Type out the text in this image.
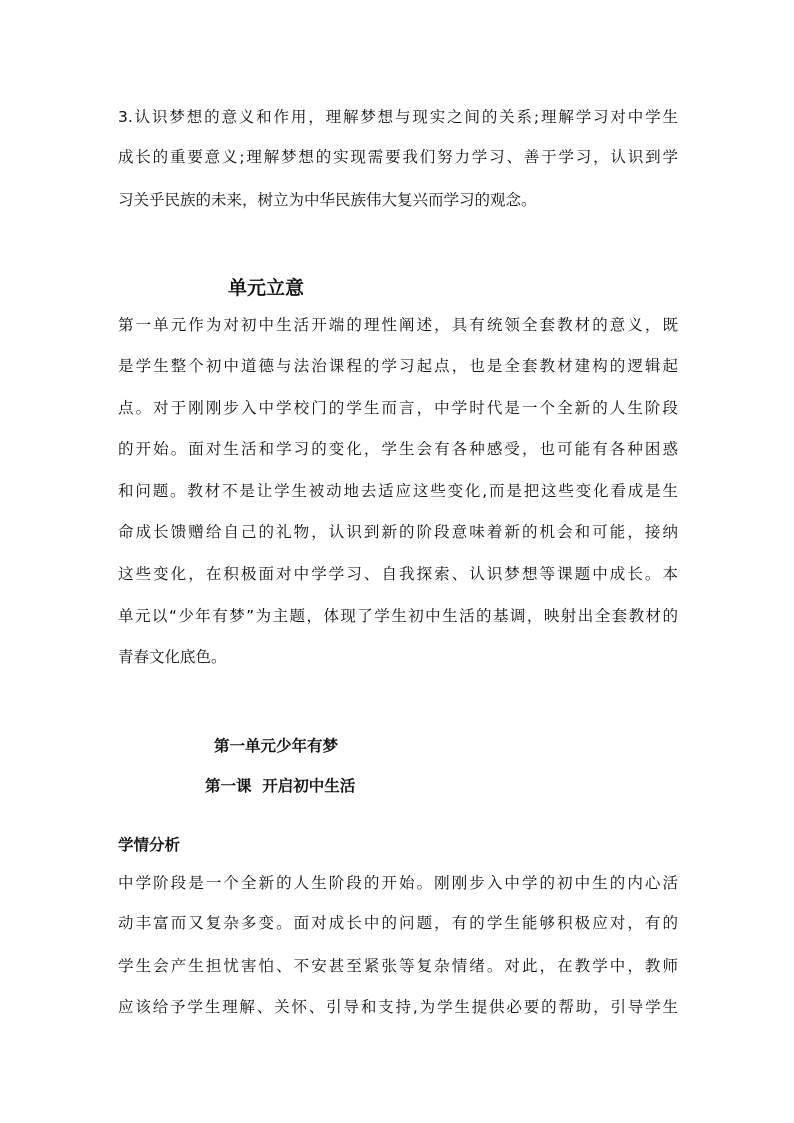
3.认识梦想的意义和作用，理解梦想与现实之间的关系;理解学习对中学生
成长的重要意义;理解梦想的实现需要我们努力学习、善于学习，认识到学
习关乎民族的未来，树立为中华民族伟大复兴而学习的观念。
单元立意
第一单元作为对初中生活开端的理性阐述，具有统领全套教材的意义，既
是学生整个初中道德与法治课程的学习起点，也是全套教材建构的逻辑起
点。对于刚刚步入中学校门的学生而言，中学时代是一个全新的人生阶段
的开始。面对生活和学习的变化，学生会有各种感受，也可能有各种困惑
和问题。教材不是让学生被动地去适应这些变化,而是把这些变化看成是生
命成长馈赠给自己的礼物，认识到新的阶段意味着新的机会和可能，接纳
这些变化，在积极面对中学学习、自我探索、认识梦想等课题中成长。本
单元以“少年有梦”为主题，体现了学生初中生活的基调，映射出全套教材的
青春文化底色。
第一单元少年有梦
第一课  开启初中生活
学情分析
中学阶段是一个全新的人生阶段的开始。刚刚步入中学的初中生的内心活
动丰富而又复杂多变。面对成长中的问题，有的学生能够积极应对，有的
学生会产生担忧害怕、不安甚至紧张等复杂情绪。对此，在教学中，教师
应该给予学生理解、关怀、引导和支持,为学生提供必要的帮助，引导学生
